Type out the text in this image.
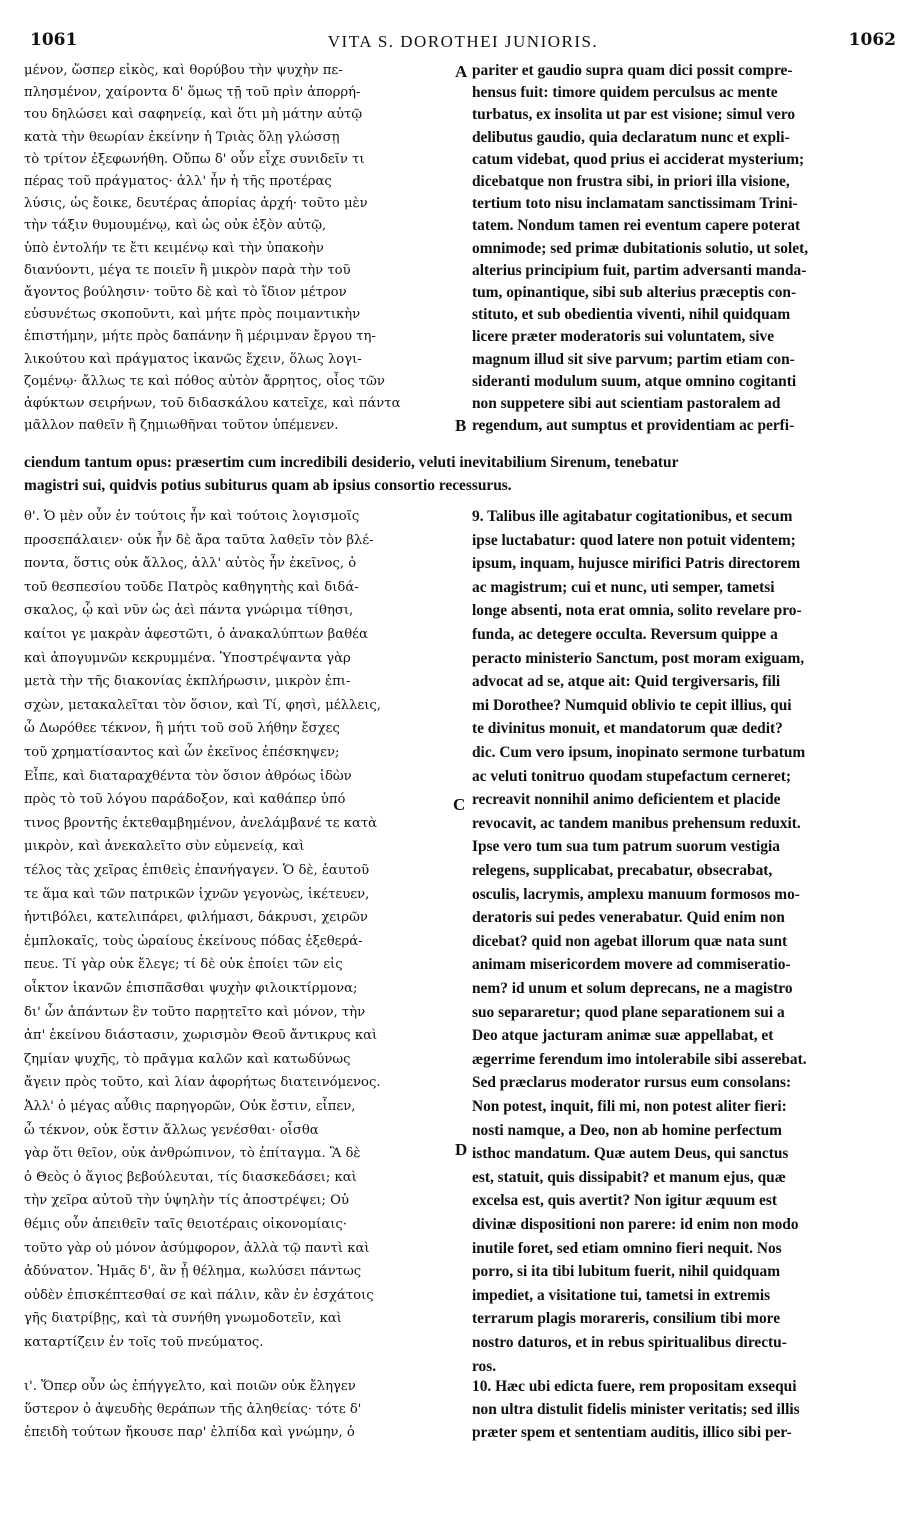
1061	VITA S. DOROTHEI JUNIORIS.	1062
A
B
C
D
μένον, ὥσπερ εἰκὸς, καὶ θορύβου τὴν ψυχὴν πε-
πλησμένον, χαίροντα δ' ὅμως τῇ τοῦ πρὶν ἀπορρή-
του δηλώσει καὶ σαφηνείᾳ, καὶ ὅτι μὴ μάτην αὐτῷ
κατὰ τὴν θεωρίαν ἐκείνην ἡ Τριὰς ὅλῃ γλώσσῃ
τὸ τρίτον ἐξεφωνήθη. Οὔπω δ' οὖν εἶχε συνιδεῖν τι
πέρας τοῦ πράγματος· ἀλλ' ἦν ἡ τῆς προτέρας
λύσις, ὡς ἔοικε, δευτέρας ἀπορίας ἀρχή· τοῦτο μὲν
τὴν τάξιν θυμουμένῳ, καὶ ὡς οὐκ ἐξὸν αὐτῷ,
ὑπὸ ἐντολήν τε ἔτι κειμένῳ καὶ τὴν ὑπακοὴν
διανύοντι, μέγα τε ποιεῖν ἢ μικρὸν παρὰ τὴν τοῦ
ἄγοντος βούλησιν· τοῦτο δὲ καὶ τὸ ἴδιον μέτρον
εὐσυνέτως σκοποῦντι, καὶ μήτε πρὸς ποιμαντικὴν
ἐπιστήμην, μήτε πρὸς δαπάνην ἢ μέριμναν ἔργου τη-
λικούτου καὶ πράγματος ἱκανῶς ἔχειν, ὅλως λογι-
ζομένῳ· ἄλλως τε καὶ πόθος αὐτὸν ἄρρητος, οἷος τῶν
ἀφύκτων σειρήνων, τοῦ διδασκάλου κατεῖχε, καὶ πάντα
μᾶλλον παθεῖν ἢ ζημιωθῆναι τοῦτον ὑπέμενεν.
pariter et gaudio supra quam dici possit compre-
hensus fuit: timore quidem perculsus ac mente
turbatus, ex insolita ut par est visione; simul vero
delibutus gaudio, quia declaratum nunc et expli-
catum videbat, quod prius ei acciderat mysterium;
dicebatque non frustra sibi, in priori illa visione,
tertium toto nisu inclamatam sanctissimam Trini-
tatem. Nondum tamen rei eventum capere poterat
omnimode; sed primæ dubitationis solutio, ut solet,
alterius principium fuit, partim adversanti manda-
tum, opinantique, sibi sub alterius præceptis con-
stituto, et sub obedientia viventi, nihil quidquam
licere præter moderatoris sui voluntatem, sive
magnum illud sit sive parvum; partim etiam con-
sideranti modulum suum, atque omnino cogitanti
non suppetere sibi aut scientiam pastoralem ad
regendum, aut sumptus et providentiam ac perfi-
ciendum tantum opus: præsertim cum incredibili desiderio, veluti inevitabilium Sirenum, tenebatur
magistri sui, quidvis potius subiturus quam ab ipsius consortio recessurus.
θ'. Ὁ μὲν οὖν ἐν τούτοις ἦν καὶ τούτοις λογισμοῖς
προσεπάλαιεν· οὐκ ἦν δὲ ἄρα ταῦτα λαθεῖν τὸν βλέ-
ποντα, ὅστις οὐκ ἄλλος, ἀλλ' αὐτὸς ἦν ἐκεῖνος, ὁ
τοῦ θεσπεσίου τοῦδε Πατρὸς καθηγητὴς καὶ διδά-
σκαλος, ᾧ καὶ νῦν ὡς ἀεὶ πάντα γνώριμα τίθησι,
καίτοι γε μακρὰν ἀφεστῶτι, ὁ ἀνακαλύπτων βαθέα
καὶ ἀπογυμνῶν κεκρυμμένα. Ὑποστρέψαντα γὰρ
μετὰ τὴν τῆς διακονίας ἐκπλήρωσιν, μικρὸν ἐπι-
σχὼν, μετακαλεῖται τὸν ὅσιον, καὶ Τί, φησὶ, μέλλεις,
ὦ Δωρόθεε τέκνον, ἢ μήτι τοῦ σοῦ λήθην ἔσχες
τοῦ χρηματίσαντος καὶ ὧν ἐκεῖνος ἐπέσκηψεν;
Εἶπε, καὶ διαταραχθέντα τὸν ὅσιον ἀθρόως ἰδὼν
πρὸς τὸ τοῦ λόγου παράδοξον, καὶ καθάπερ ὑπό
τινος βροντῆς ἐκτεθαμβημένον, ἀνελάμβανέ τε κατὰ
μικρὸν, καὶ ἀνεκαλεῖτο σὺν εὐμενείᾳ, καὶ
τέλος τὰς χεῖρας ἐπιθεὶς ἐπανήγαγεν. Ὁ δὲ, ἑαυτοῦ
τε ἅμα καὶ τῶν πατρικῶν ἰχνῶν γεγονὼς, ἱκέτευεν,
ἠντιβόλει, κατελιπάρει, φιλήμασι, δάκρυσι, χειρῶν
ἐμπλοκαῖς, τοὺς ὡραίους ἐκείνους πόδας ἐξεθερά-
πευε. Τί γὰρ οὐκ ἔλεγε; τί δὲ οὐκ ἐποίει τῶν εἰς
οἶκτον ἱκανῶν ἐπισπᾶσθαι ψυχὴν φιλοικτίρμονα;
δι' ὧν ἁπάντων ἓν τοῦτο παρῃτεῖτο καὶ μόνον, τὴν
ἀπ' ἐκείνου διάστασιν, χωρισμὸν Θεοῦ ἄντικρυς καὶ
ζημίαν ψυχῆς, τὸ πρᾶγμα καλῶν καὶ κατωδύνως
ἄγειν πρὸς τοῦτο, καὶ λίαν ἀφορήτως διατεινόμενος.
Ἀλλ' ὁ μέγας αὖθις παρηγορῶν, Οὐκ ἔστιν, εἶπεν,
ὦ τέκνον, οὐκ ἔστιν ἄλλως γενέσθαι· οἶσθα
γὰρ ὅτι θεῖον, οὐκ ἀνθρώπινον, τὸ ἐπίταγμα. Ἃ δὲ
ὁ Θεὸς ὁ ἅγιος βεβούλευται, τίς διασκεδάσει; καὶ
τὴν χεῖρα αὐτοῦ τὴν ὑψηλὴν τίς ἀποστρέψει; Οὐ
θέμις οὖν ἀπειθεῖν ταῖς θειοτέραις οἰκονομίαις·
τοῦτο γὰρ οὐ μόνον ἀσύμφορον, ἀλλὰ τῷ παντὶ καὶ
ἀδύνατον. Ἡμᾶς δ', ἂν ᾖ θέλημα, κωλύσει πάντως
οὐδὲν ἐπισκέπτεσθαί σε καὶ πάλιν, κἂν ἐν ἐσχάτοις
γῆς διατρίβῃς, καὶ τὰ συνήθη γνωμοδοτεῖν, καὶ
καταρτίζειν ἐν τοῖς τοῦ πνεύματος.
9. Talibus ille agitabatur cogitationibus, et secum
ipse luctabatur: quod latere non potuit videntem;
ipsum, inquam, hujusce mirifici Patris directorem
ac magistrum; cui et nunc, uti semper, tametsi
longe absenti, nota erat omnia, solito revelare pro-
funda, ac detegere occulta. Reversum quippe a
peracto ministerio Sanctum, post moram exiguam,
advocat ad se, atque ait: Quid tergiversaris, fili
mi Dorothee? Numquid oblivio te cepit illius, qui
te divinitus monuit, et mandatorum quæ dedit?
dic. Cum vero ipsum, inopinato sermone turbatum
ac veluti tonitruo quodam stupefactum cerneret;
recreavit nonnihil animo deficientem et placide
revocavit, ac tandem manibus prehensum reduxit.
Ipse vero tum sua tum patrum suorum vestigia
relegens, supplicabat, precabatur, obsecrabat,
osculis, lacrymis, amplexu manuum formosos mo-
deratoris sui pedes venerabatur. Quid enim non
dicebat? quid non agebat illorum quæ nata sunt
animam misericordem movere ad commiseratio-
nem? id unum et solum deprecans, ne a magistro
suo separaretur; quod plane separationem sui a
Deo atque jacturam animæ suæ appellabat, et
ægerrime ferendum imo intolerabile sibi asserebat.
Sed præclarus moderator rursus eum consolans:
Non potest, inquit, fili mi, non potest aliter fieri:
nosti namque, a Deo, non ab homine perfectum
isthoc mandatum. Quæ autem Deus, qui sanctus
est, statuit, quis dissipabit? et manum ejus, quæ
excelsa est, quis avertit? Non igitur æquum est
divinæ dispositioni non parere: id enim non modo
inutile foret, sed etiam omnino fieri nequit. Nos
porro, si ita tibi lubitum fuerit, nihil quidquam
impediet, a visitatione tui, tametsi in extremis
terrarum plagis morareris, consilium tibi more
nostro daturos, et in rebus spiritualibus directu-
ros.
ι'. Ὅπερ οὖν ὡς ἐπήγγελτο, καὶ ποιῶν οὐκ ἔληγεν
ὕστερον ὁ ἀψευδὴς θεράπων τῆς ἀληθείας· τότε δ'
ἐπειδὴ τούτων ἤκουσε παρ' ἐλπίδα καὶ γνώμην, ὁ
10. Hæc ubi edicta fuere, rem propositam exsequi
non ultra distulit fidelis minister veritatis; sed illis
præter spem et sententiam auditis, illico sibi per-
